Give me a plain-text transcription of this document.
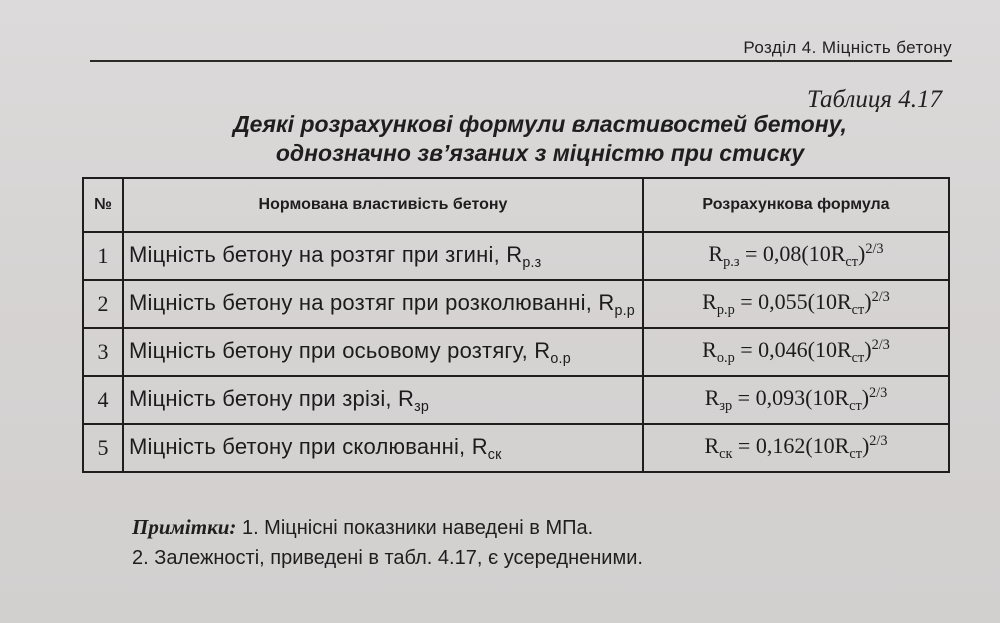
Розділ 4. Міцність бетону
Таблиця 4.17
Деякі розрахункові формули властивостей бетону,
однозначно зв’язаних з міцністю при стиску
№	Нормована властивість бетону	Розрахункова формула
1	Міцність бетону на розтяг при згині, $R_{р.з}$	$R_{р.з} = 0,08(10R_{ст})^{2/3}$
2	Міцність бетону на розтяг при розколюванні, $R_{р.р}$	$R_{р.р} = 0,055(10R_{ст})^{2/3}$
3	Міцність бетону при осьовому розтягу, $R_{о.р}$	$R_{о.р} = 0,046(10R_{ст})^{2/3}$
4	Міцність бетону при зрізі, $R_{зр}$	$R_{зр} = 0,093(10R_{ст})^{2/3}$
5	Міцність бетону при сколюванні, $R_{ск}$	$R_{ск} = 0,162(10R_{ст})^{2/3}$
Примітки: 1. Міцнісні показники наведені в МПа.
2. Залежності, приведені в табл. 4.17, є усередненими.
